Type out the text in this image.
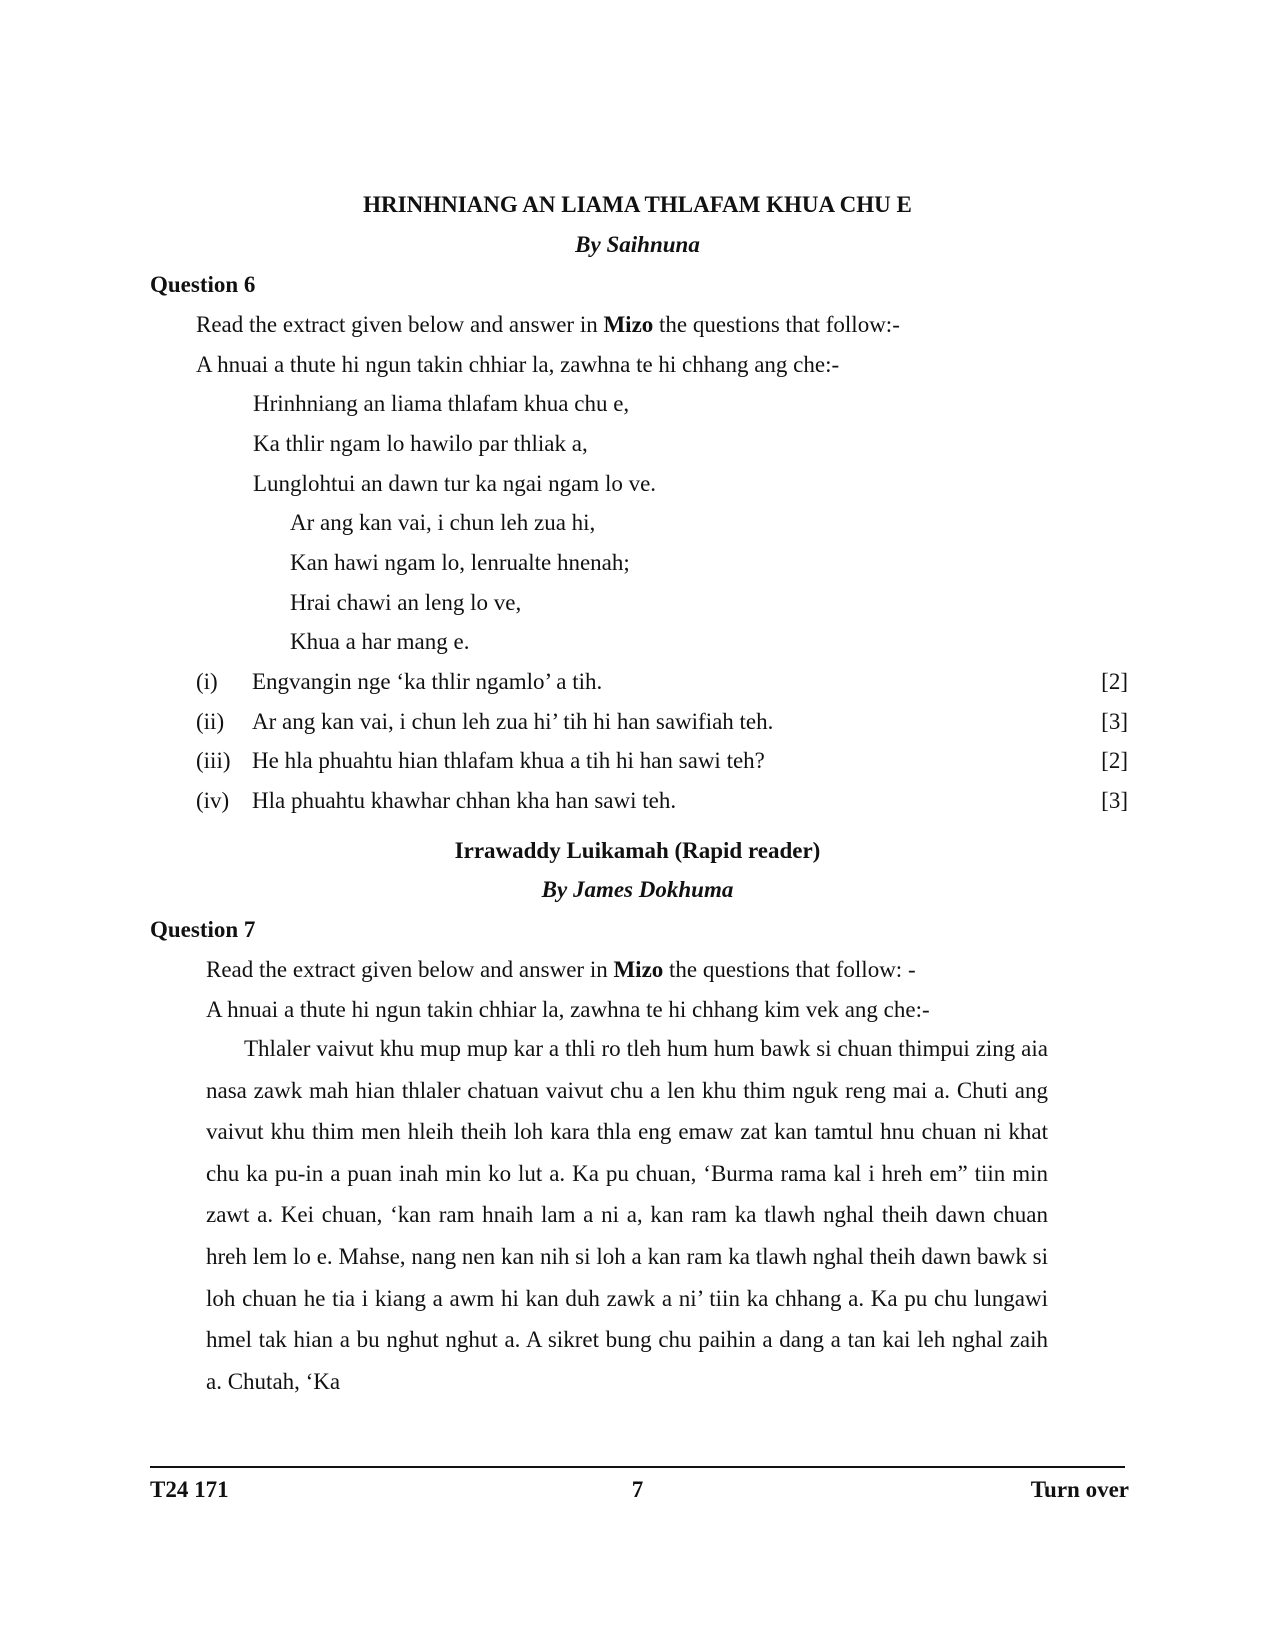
HRINHNIANG AN LIAMA THLAFAM KHUA CHU E
By Saihnuna
Question 6
Read the extract given below and answer in Mizo the questions that follow:-
A hnuai a thute hi ngun takin chhiar la, zawhna te hi chhang ang che:-
Hrinhniang an liama thlafam khua chu e,
Ka thlir ngam lo hawilo par thliak a,
Lunglohtui an dawn tur ka ngai ngam lo ve.
Ar ang kan vai, i chun leh zua hi,
Kan hawi ngam lo, lenrualte hnenah;
Hrai chawi an leng lo ve,
Khua a har mang e.
(i) Engvangin nge ‘ka thlir ngamlo’ a tih.	[2]
(ii) Ar ang kan vai, i chun leh zua hi’ tih hi han sawifiah teh.	[3]
(iii) He hla phuahtu hian thlafam khua a tih hi han sawi teh?	[2]
(iv) Hla phuahtu khawhar chhan kha han sawi teh.	[3]
Irrawaddy Luikamah (Rapid reader)
By James Dokhuma
Question 7
Read the extract given below and answer in Mizo the questions that follow: -
A hnuai a thute hi ngun takin chhiar la, zawhna te hi chhang kim vek ang che:-

Thlaler vaivut khu mup mup kar a thli ro tleh hum hum bawk si chuan thimpui zing aia nasa zawk mah hian thlaler chatuan vaivut chu a len khu thim nguk reng mai a. Chuti ang vaivut khu thim men hleih theih loh kara thla eng emaw zat kan tamtul hnu chuan ni khat chu ka pu-in a puan inah min ko lut a. Ka pu chuan, ‘Burma rama kal i hreh em” tiin min zawt a. Kei chuan, ‘kan ram hnaih lam a ni a, kan ram ka tlawh nghal theih dawn chuan hreh lem lo e. Mahse, nang nen kan nih si loh a kan ram ka tlawh nghal theih dawn bawk si loh chuan he tia i kiang a awm hi kan duh zawk a ni’ tiin ka chhang a. Ka pu chu lungawi hmel tak hian a bu nghut nghut a. A sikret bung chu paihin a dang a tan kai leh nghal zaih a. Chutah, ‘Ka

T24 171	7	Turn over
